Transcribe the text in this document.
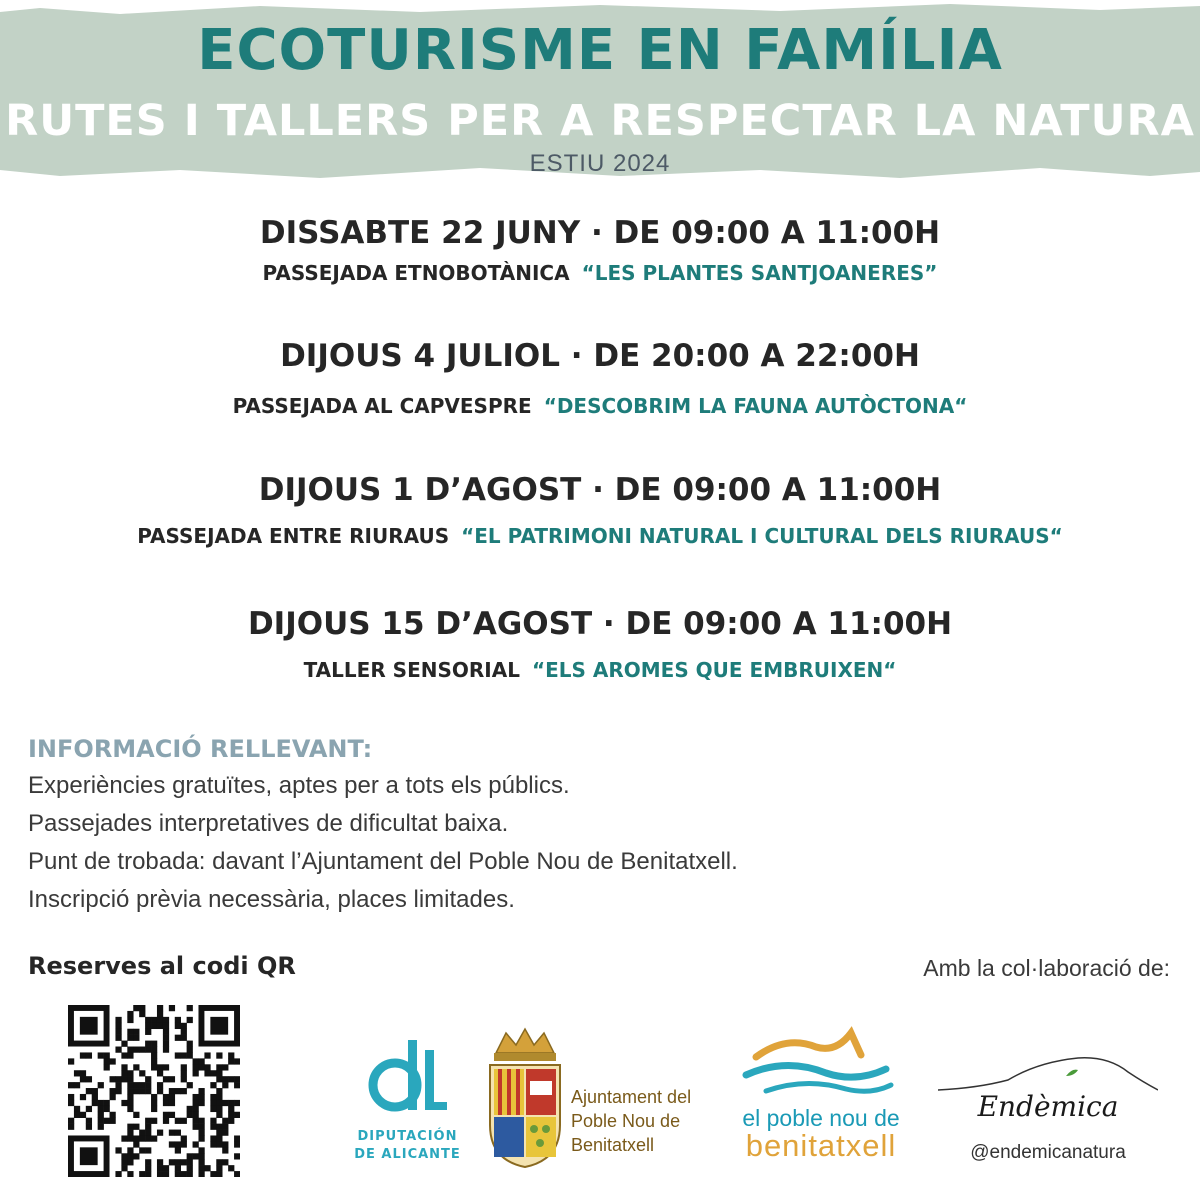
ECOTURISME EN FAMÍLIA
RUTES I TALLERS PER A RESPECTAR LA NATURA
ESTIU 2024
DISSABTE 22 JUNY · DE 09:00 A 11:00H
PASSEJADA ETNOBOTÀNICA “LES PLANTES SANTJOANERES”
DIJOUS 4 JULIOL · DE 20:00 A 22:00H
PASSEJADA AL CAPVESPRE “DESCOBRIM LA FAUNA AUTÒCTONA“
DIJOUS 1 D’AGOST · DE 09:00 A 11:00H
PASSEJADA ENTRE RIURAUS “EL PATRIMONI NATURAL I CULTURAL DELS RIURAUS“
DIJOUS 15 D’AGOST · DE 09:00 A 11:00H
TALLER SENSORIAL “ELS AROMES QUE EMBRUIXEN“
INFORMACIÓ RELLEVANT:
Experiències gratuïtes, aptes per a tots els públics.
Passejades interpretatives de dificultat baixa.
Punt de trobada: davant l’Ajuntament del Poble Nou de Benitatxell.
Inscripció prèvia necessària, places limitades.
Reserves al codi QR	Amb la col·laboració de:
DIPUTACIÓN
DE ALICANTE
Ajuntament del
Poble Nou de
Benitatxell
el poble nou de
benitatxell
Endèmica
@endemicanatura
